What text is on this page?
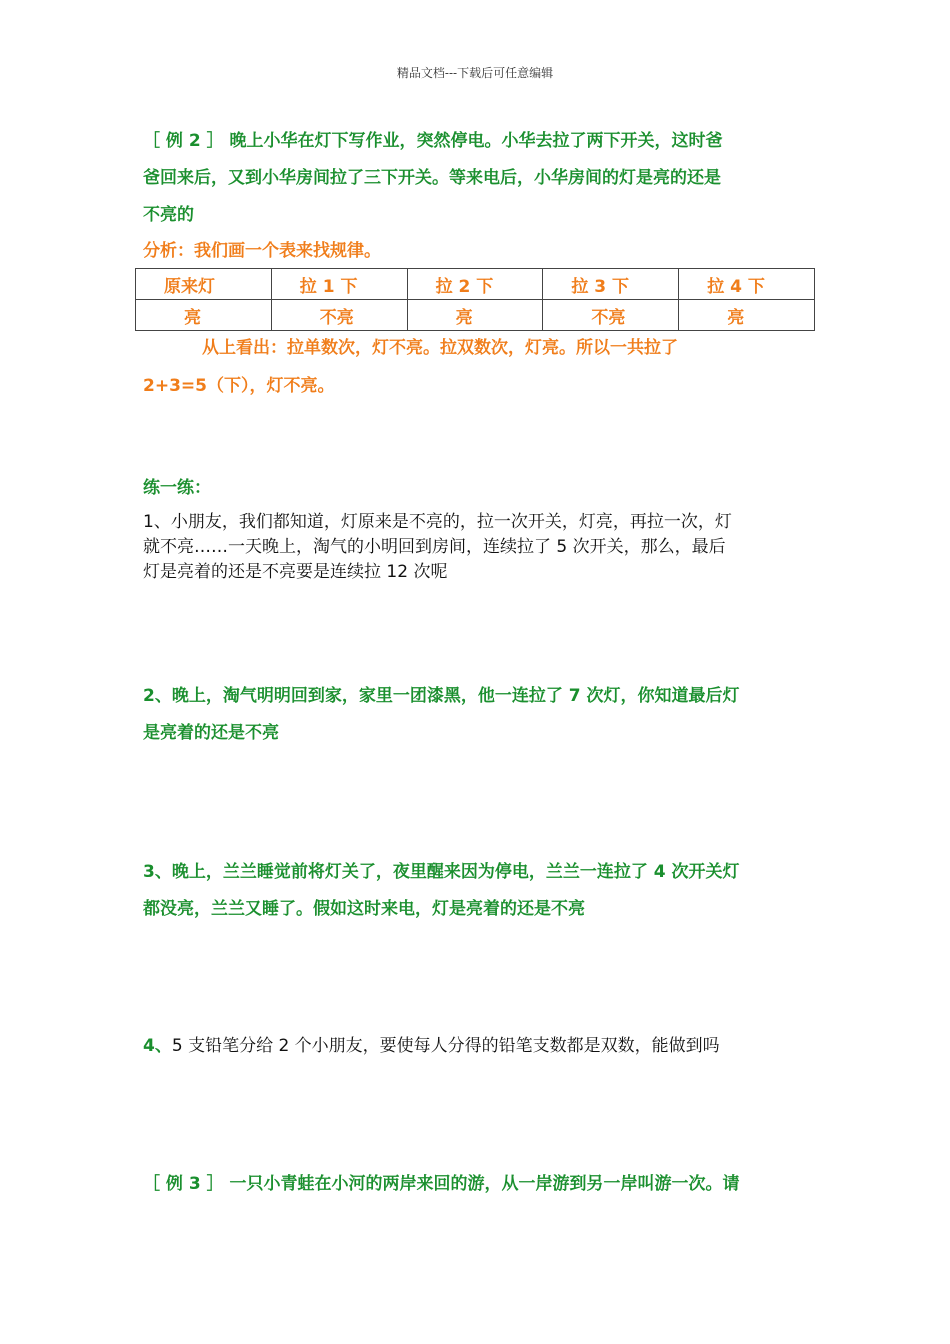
精品文档---下载后可任意编辑
［ 例 2 ］ 晚上小华在灯下写作业，突然停电。小华去拉了两下开关，这时爸
爸回来后，又到小华房间拉了三下开关。等来电后，小华房间的灯是亮的还是
不亮的
分析：我们画一个表来找规律。
原来灯	拉 1 下	拉 2 下	拉 3 下	拉 4 下
亮	不亮	亮	不亮	亮
从上看出：拉单数次，灯不亮。拉双数次，灯亮。所以一共拉了
2+3=5（下），灯不亮。
练一练：
1、小朋友，我们都知道，灯原来是不亮的，拉一次开关，灯亮，再拉一次，灯
就不亮……一天晚上，淘气的小明回到房间，连续拉了 5 次开关，那么，最后
灯是亮着的还是不亮要是连续拉 12 次呢
2、晚上，淘气明明回到家，家里一团漆黑，他一连拉了 7 次灯，你知道最后灯
是亮着的还是不亮
3、晚上，兰兰睡觉前将灯关了，夜里醒来因为停电，兰兰一连拉了 4 次开关灯
都没亮，兰兰又睡了。假如这时来电，灯是亮着的还是不亮
4、5 支铅笔分给 2 个小朋友，要使每人分得的铅笔支数都是双数，能做到吗
［ 例 3 ］ 一只小青蛙在小河的两岸来回的游，从一岸游到另一岸叫游一次。请
